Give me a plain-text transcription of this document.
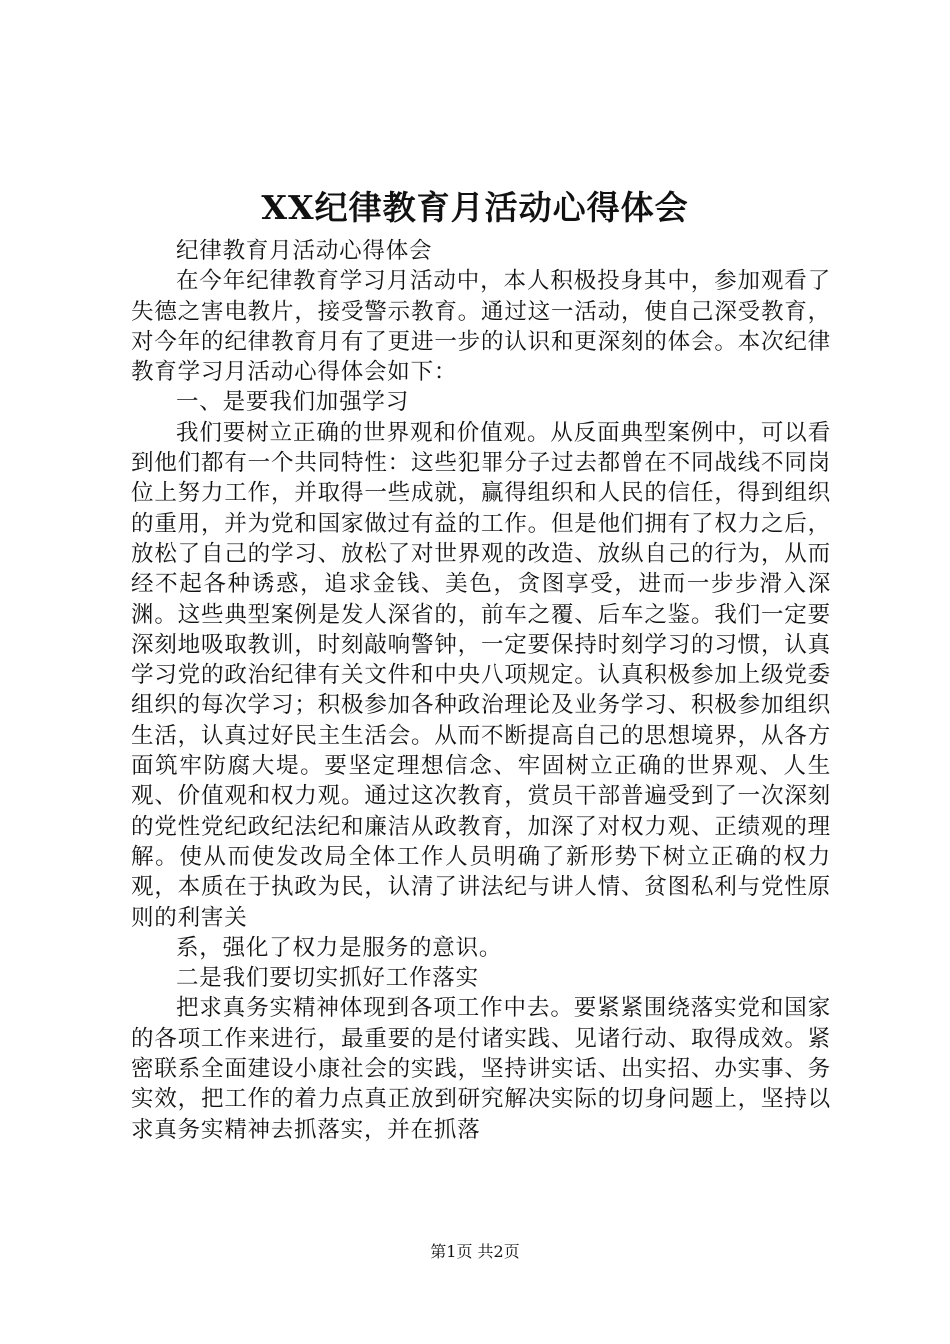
XX纪律教育月活动心得体会

纪律教育月活动心得体会

在今年纪律教育学习月活动中，本人积极投身其中，参加观看了失德之害电教片，接受警示教育。通过这一活动，使自己深受教育，对今年的纪律教育月有了更进一步的认识和更深刻的体会。本次纪律教育学习月活动心得体会如下：

一、是要我们加强学习

我们要树立正确的世界观和价值观。从反面典型案例中，可以看到他们都有一个共同特性：这些犯罪分子过去都曾在不同战线不同岗位上努力工作，并取得一些成就，赢得组织和人民的信任，得到组织的重用，并为党和国家做过有益的工作。但是他们拥有了权力之后，放松了自己的学习、放松了对世界观的改造、放纵自己的行为，从而经不起各种诱惑，追求金钱、美色，贪图享受，进而一步步滑入深渊。这些典型案例是发人深省的，前车之覆、后车之鉴。我们一定要深刻地吸取教训，时刻敲响警钟，一定要保持时刻学习的习惯，认真学习党的政治纪律有关文件和中央八项规定。认真积极参加上级党委组织的每次学习；积极参加各种政治理论及业务学习、积极参加组织生活，认真过好民主生活会。从而不断提高自己的思想境界，从各方面筑牢防腐大堤。要坚定理想信念、牢固树立正确的世界观、人生观、价值观和权力观。通过这次教育，赏员干部普遍受到了一次深刻的党性党纪政纪法纪和廉洁从政教育，加深了对权力观、正绩观的理解。使从而使发改局全体工作人员明确了新形势下树立正确的权力观，本质在于执政为民，认清了讲法纪与讲人情、贫图私利与党性原则的利害关

系，强化了权力是服务的意识。

二是我们要切实抓好工作落实

把求真务实精神体现到各项工作中去。要紧紧围绕落实党和国家的各项工作来进行，最重要的是付诸实践、见诸行动、取得成效。紧密联系全面建设小康社会的实践，坚持讲实话、出实招、办实事、务实效，把工作的着力点真正放到研究解决实际的切身问题上，坚持以求真务实精神去抓落实，并在抓落

第1页 共2页
